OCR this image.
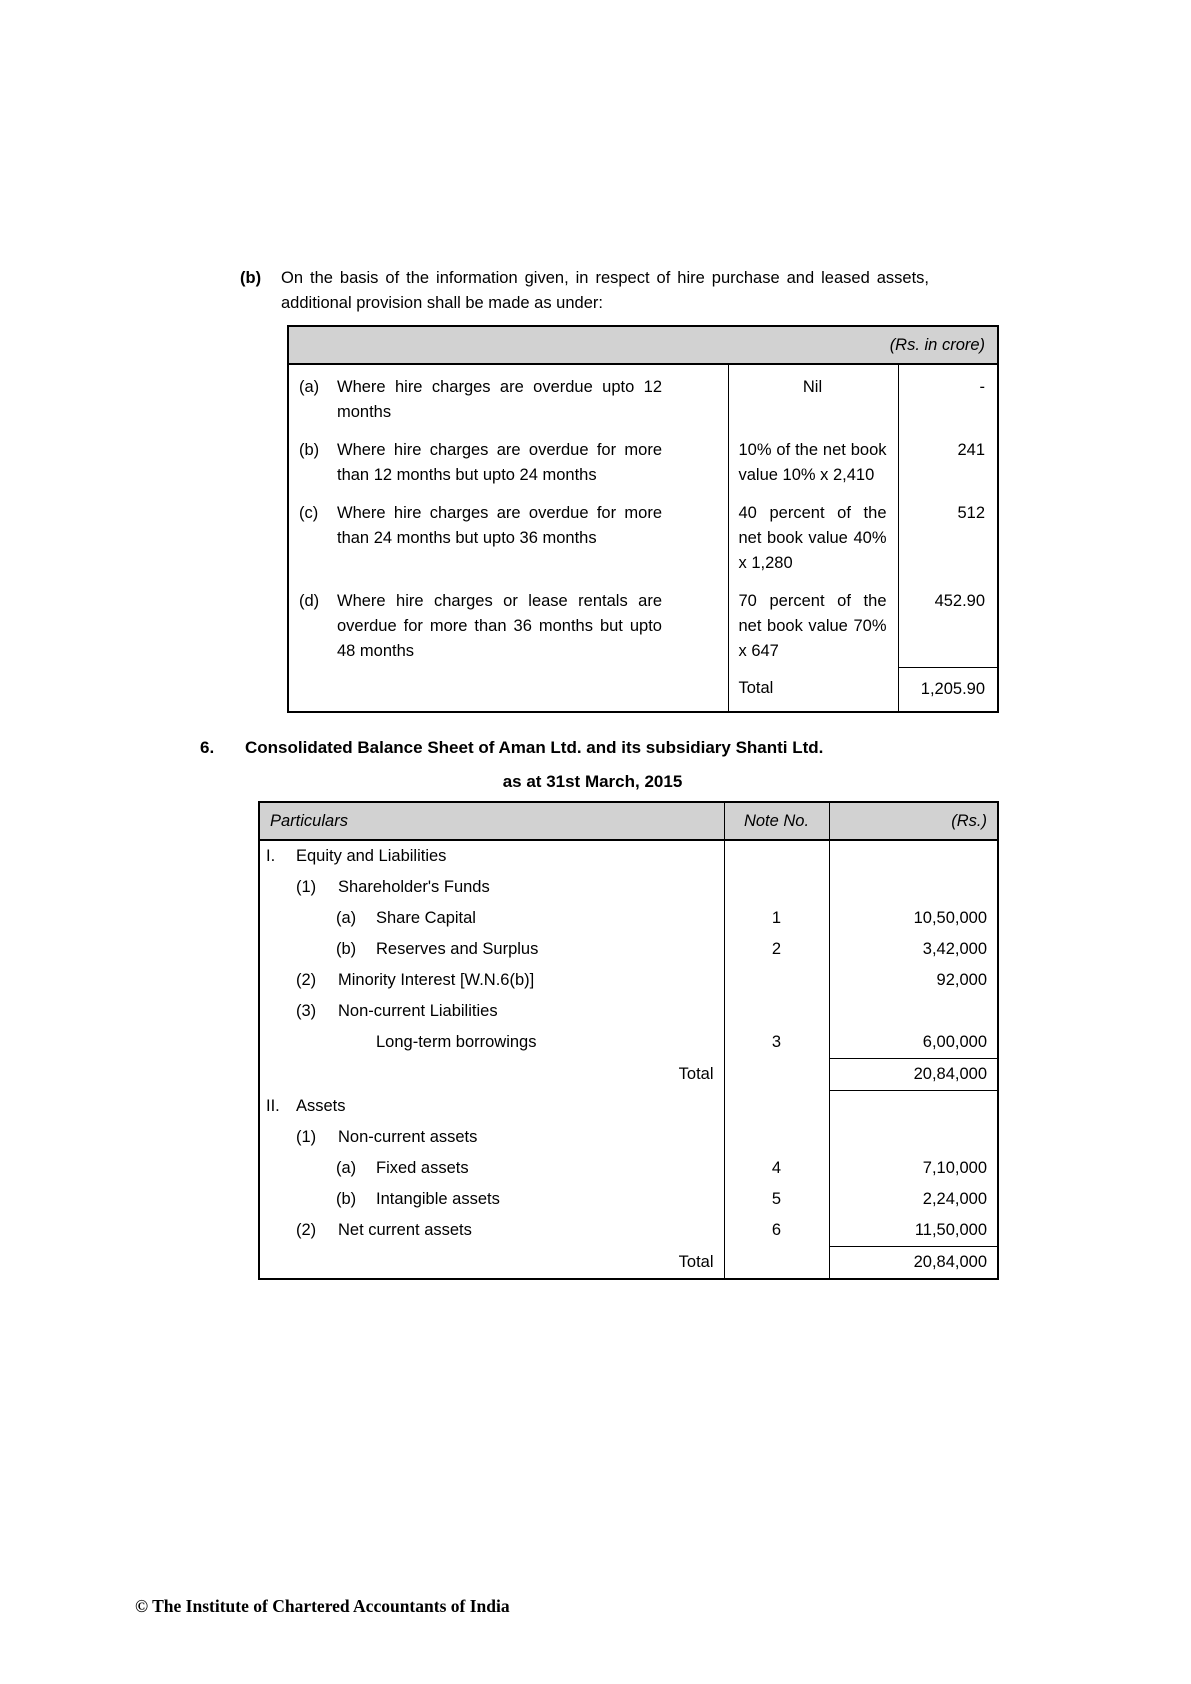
(b)	On the basis of the information given, in respect of hire purchase and leased assets, additional provision shall be made as under:
(Rs. in crore)		

(a) Where hire charges are overdue upto 12 months	Nil	-

(b) Where hire charges are overdue for more than 12 months but upto 24 months	10% of the net book value 10% x 2,410	241

(c) Where hire charges are overdue for more than 24 months but upto 36 months	40 percent of the net book value 40% x 1,280	512

(d) Where hire charges or lease rentals are overdue for more than 36 months but upto 48 months	70 percent of the net book value 70% x 647	452.90
	Total	1,205.90
6.	Consolidated Balance Sheet of Aman Ltd. and its subsidiary Shanti Ltd.
as at 31st March, 2015
Particulars	Note No.	(Rs.)

I. Equity and Liabilities		

(1) Shareholder's Funds		

(a) Share Capital	1	10,50,000

(b) Reserves and Surplus	2	3,42,000

(2) Minority Interest [W.N.6(b)]		92,000

(3) Non-current Liabilities		

Long-term borrowings	3	6,00,000
Total		20,84,000

II. Assets		

(1) Non-current assets		

(a) Fixed assets	4	7,10,000

(b) Intangible assets	5	2,24,000

(2) Net current assets	6	11,50,000
Total		20,84,000
© The Institute of Chartered Accountants of India
